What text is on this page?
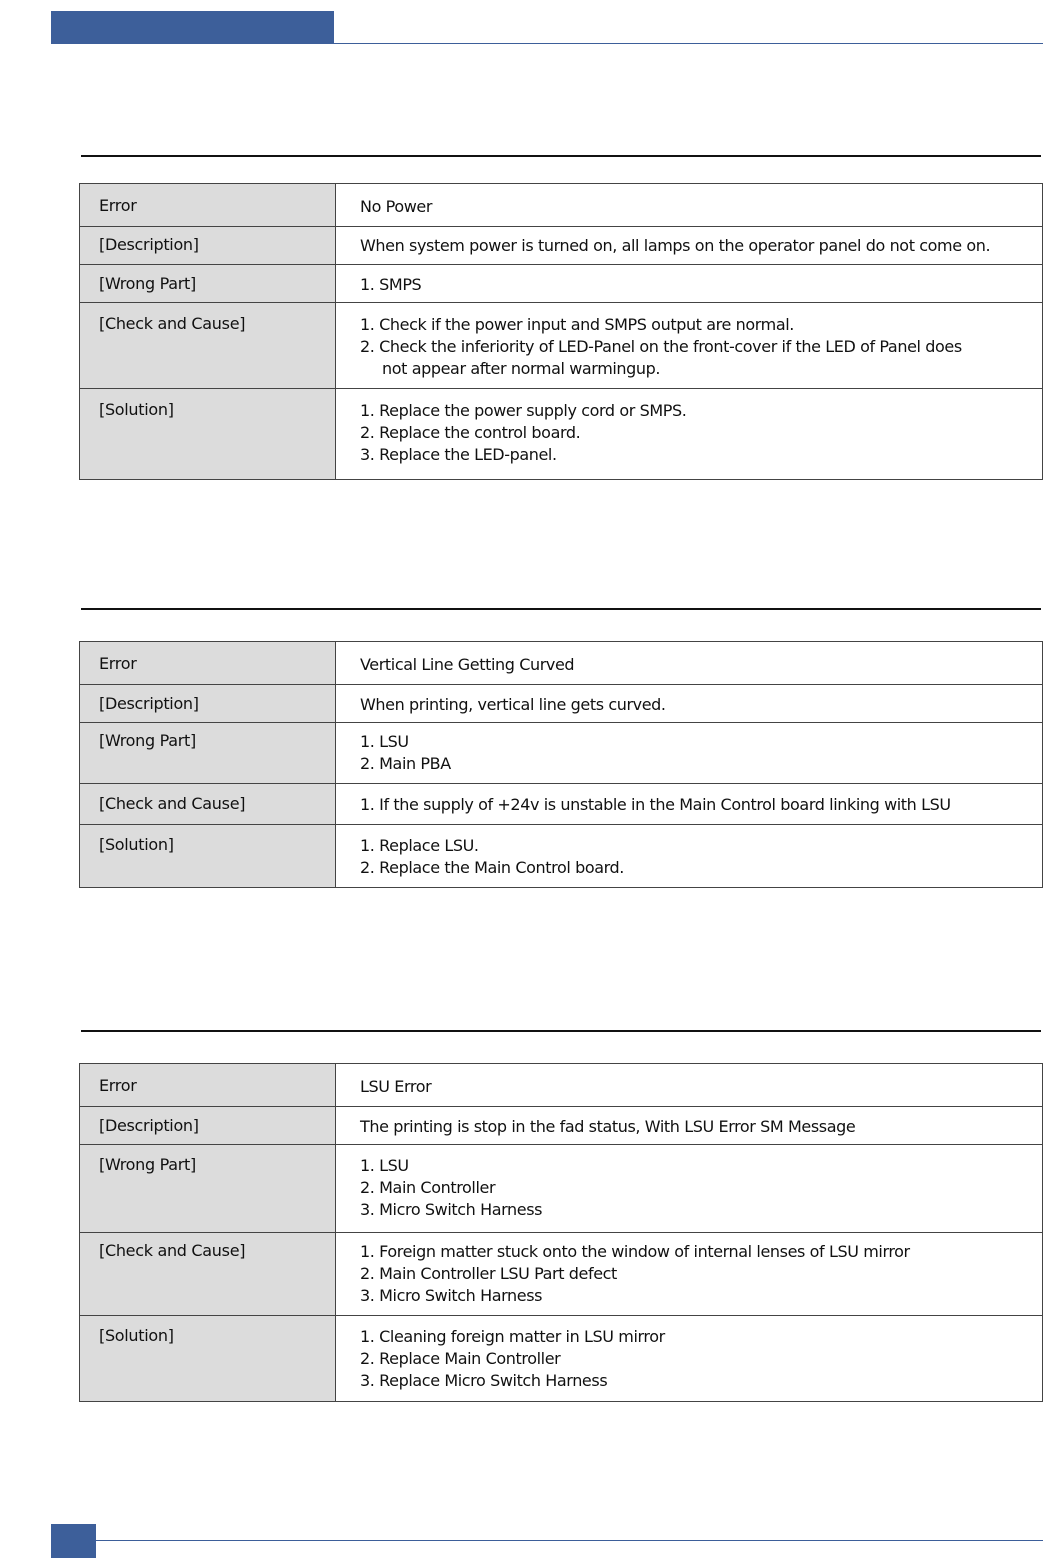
Error	No Power

[Description]	When system power is turned on, all lamps on the operator panel do not come on.

[Wrong Part]	1. SMPS

[Check and Cause]	1. Check if the power input and SMPS output are normal.
2. Check the inferiority of LED-Panel on the front-cover if the LED of Panel does
not appear after normal warmingup.

[Solution]	1. Replace the power supply cord or SMPS.
2. Replace the control board.
3. Replace the LED-panel.
Error	Vertical Line Getting Curved

[Description]	When printing, vertical line gets curved.

[Wrong Part]	1. LSU
2. Main PBA

[Check and Cause]	1. If the supply of +24v is unstable in the Main Control board linking with LSU

[Solution]	1. Replace LSU.
2. Replace the Main Control board.
Error	LSU Error

[Description]	The printing is stop in the fad status, With LSU Error SM Message

[Wrong Part]	1. LSU
2. Main Controller
3. Micro Switch Harness

[Check and Cause]	1. Foreign matter stuck onto the window of internal lenses of LSU mirror
2. Main Controller LSU Part defect
3. Micro Switch Harness

[Solution]	1. Cleaning foreign matter in LSU mirror
2. Replace Main Controller
3. Replace Micro Switch Harness
